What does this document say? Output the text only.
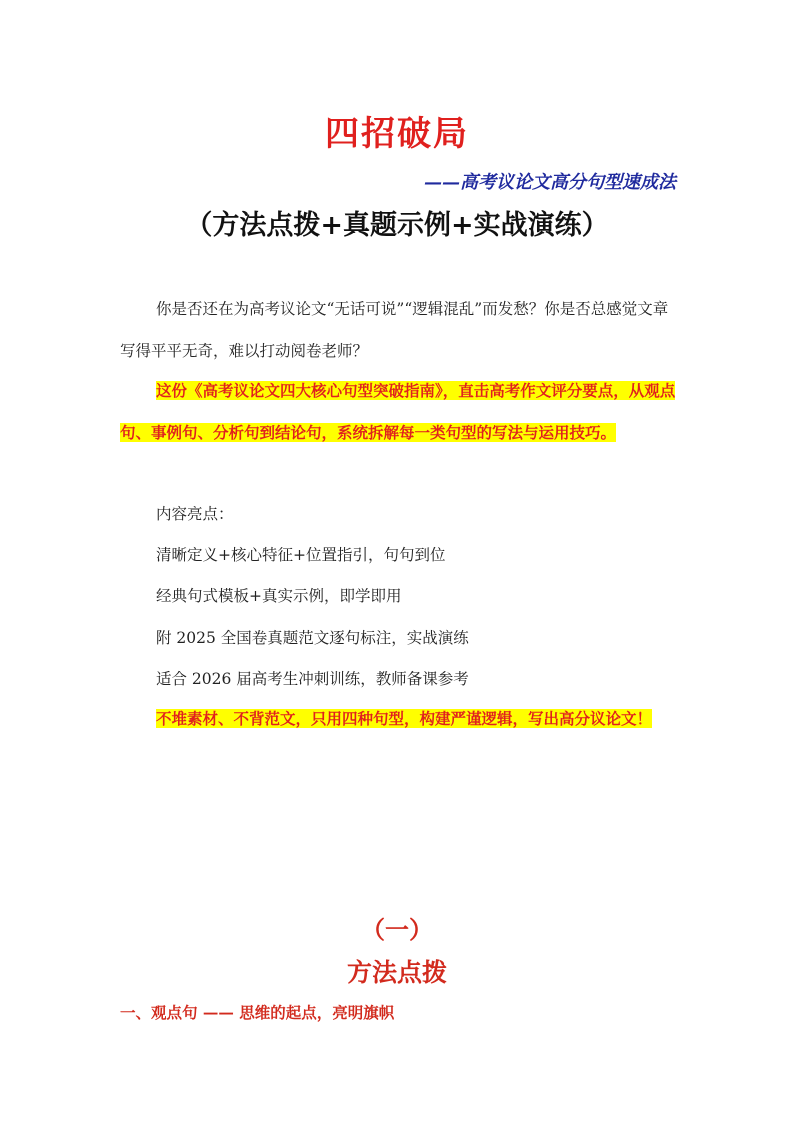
四招破局
——高考议论文高分句型速成法
（方法点拨+真题示例+实战演练）
你是否还在为高考议论文“无话可说”“逻辑混乱”而发愁？你是否总感觉文章写得平平无奇，难以打动阅卷老师？
这份《高考议论文四大核心句型突破指南》，直击高考作文评分要点，从观点句、事例句、分析句到结论句，系统拆解每一类句型的写法与运用技巧。
内容亮点：
清晰定义+核心特征+位置指引，句句到位
经典句式模板+真实示例，即学即用
附 2025 全国卷真题范文逐句标注，实战演练
适合 2026 届高考生冲刺训练，教师备课参考
不堆素材、不背范文，只用四种句型，构建严谨逻辑，写出高分议论文！
（一）
方法点拨
一、观点句 —— 思维的起点，亮明旗帜
